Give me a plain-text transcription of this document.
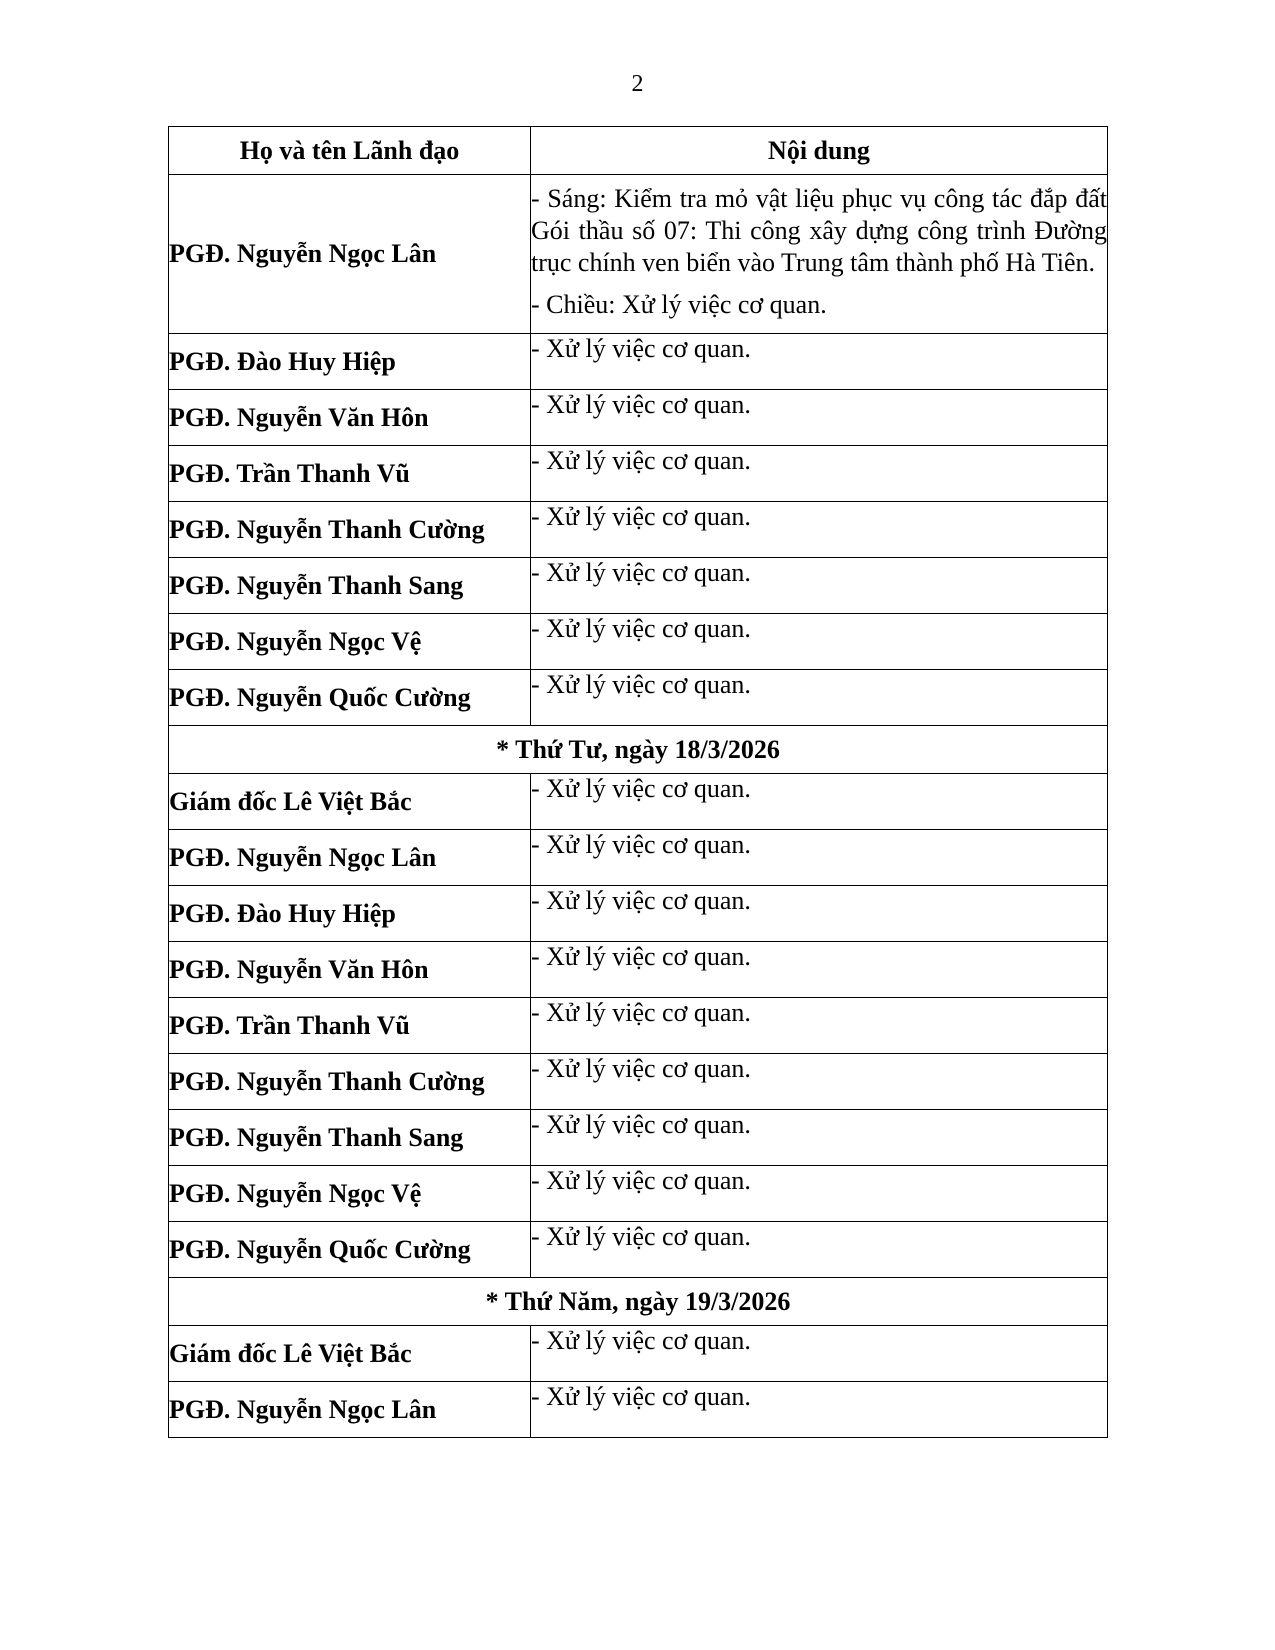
2
Họ và tên Lãnh đạo	Nội dung
PGĐ. Nguyễn Ngọc Lân	- Sáng: Kiểm tra mỏ vật liệu phục vụ công tác đắp đất Gói thầu số 07: Thi công xây dựng công trình Đường trục chính ven biển vào Trung tâm thành phố Hà Tiên.

- Chiều: Xử lý việc cơ quan.

PGĐ. Đào Huy Hiệp	- Xử lý việc cơ quan.

PGĐ. Nguyễn Văn Hôn	- Xử lý việc cơ quan.

PGĐ. Trần Thanh Vũ	- Xử lý việc cơ quan.

PGĐ. Nguyễn Thanh Cường	- Xử lý việc cơ quan.

PGĐ. Nguyễn Thanh Sang	- Xử lý việc cơ quan.

PGĐ. Nguyễn Ngọc Vệ	- Xử lý việc cơ quan.

PGĐ. Nguyễn Quốc Cường	- Xử lý việc cơ quan.

* Thứ Tư, ngày 18/3/2026	
Giám đốc Lê Việt Bắc	- Xử lý việc cơ quan.

PGĐ. Nguyễn Ngọc Lân	- Xử lý việc cơ quan.

PGĐ. Đào Huy Hiệp	- Xử lý việc cơ quan.

PGĐ. Nguyễn Văn Hôn	- Xử lý việc cơ quan.

PGĐ. Trần Thanh Vũ	- Xử lý việc cơ quan.

PGĐ. Nguyễn Thanh Cường	- Xử lý việc cơ quan.

PGĐ. Nguyễn Thanh Sang	- Xử lý việc cơ quan.

PGĐ. Nguyễn Ngọc Vệ	- Xử lý việc cơ quan.

PGĐ. Nguyễn Quốc Cường	- Xử lý việc cơ quan.

* Thứ Năm, ngày 19/3/2026	
Giám đốc Lê Việt Bắc	- Xử lý việc cơ quan.

PGĐ. Nguyễn Ngọc Lân	- Xử lý việc cơ quan.
